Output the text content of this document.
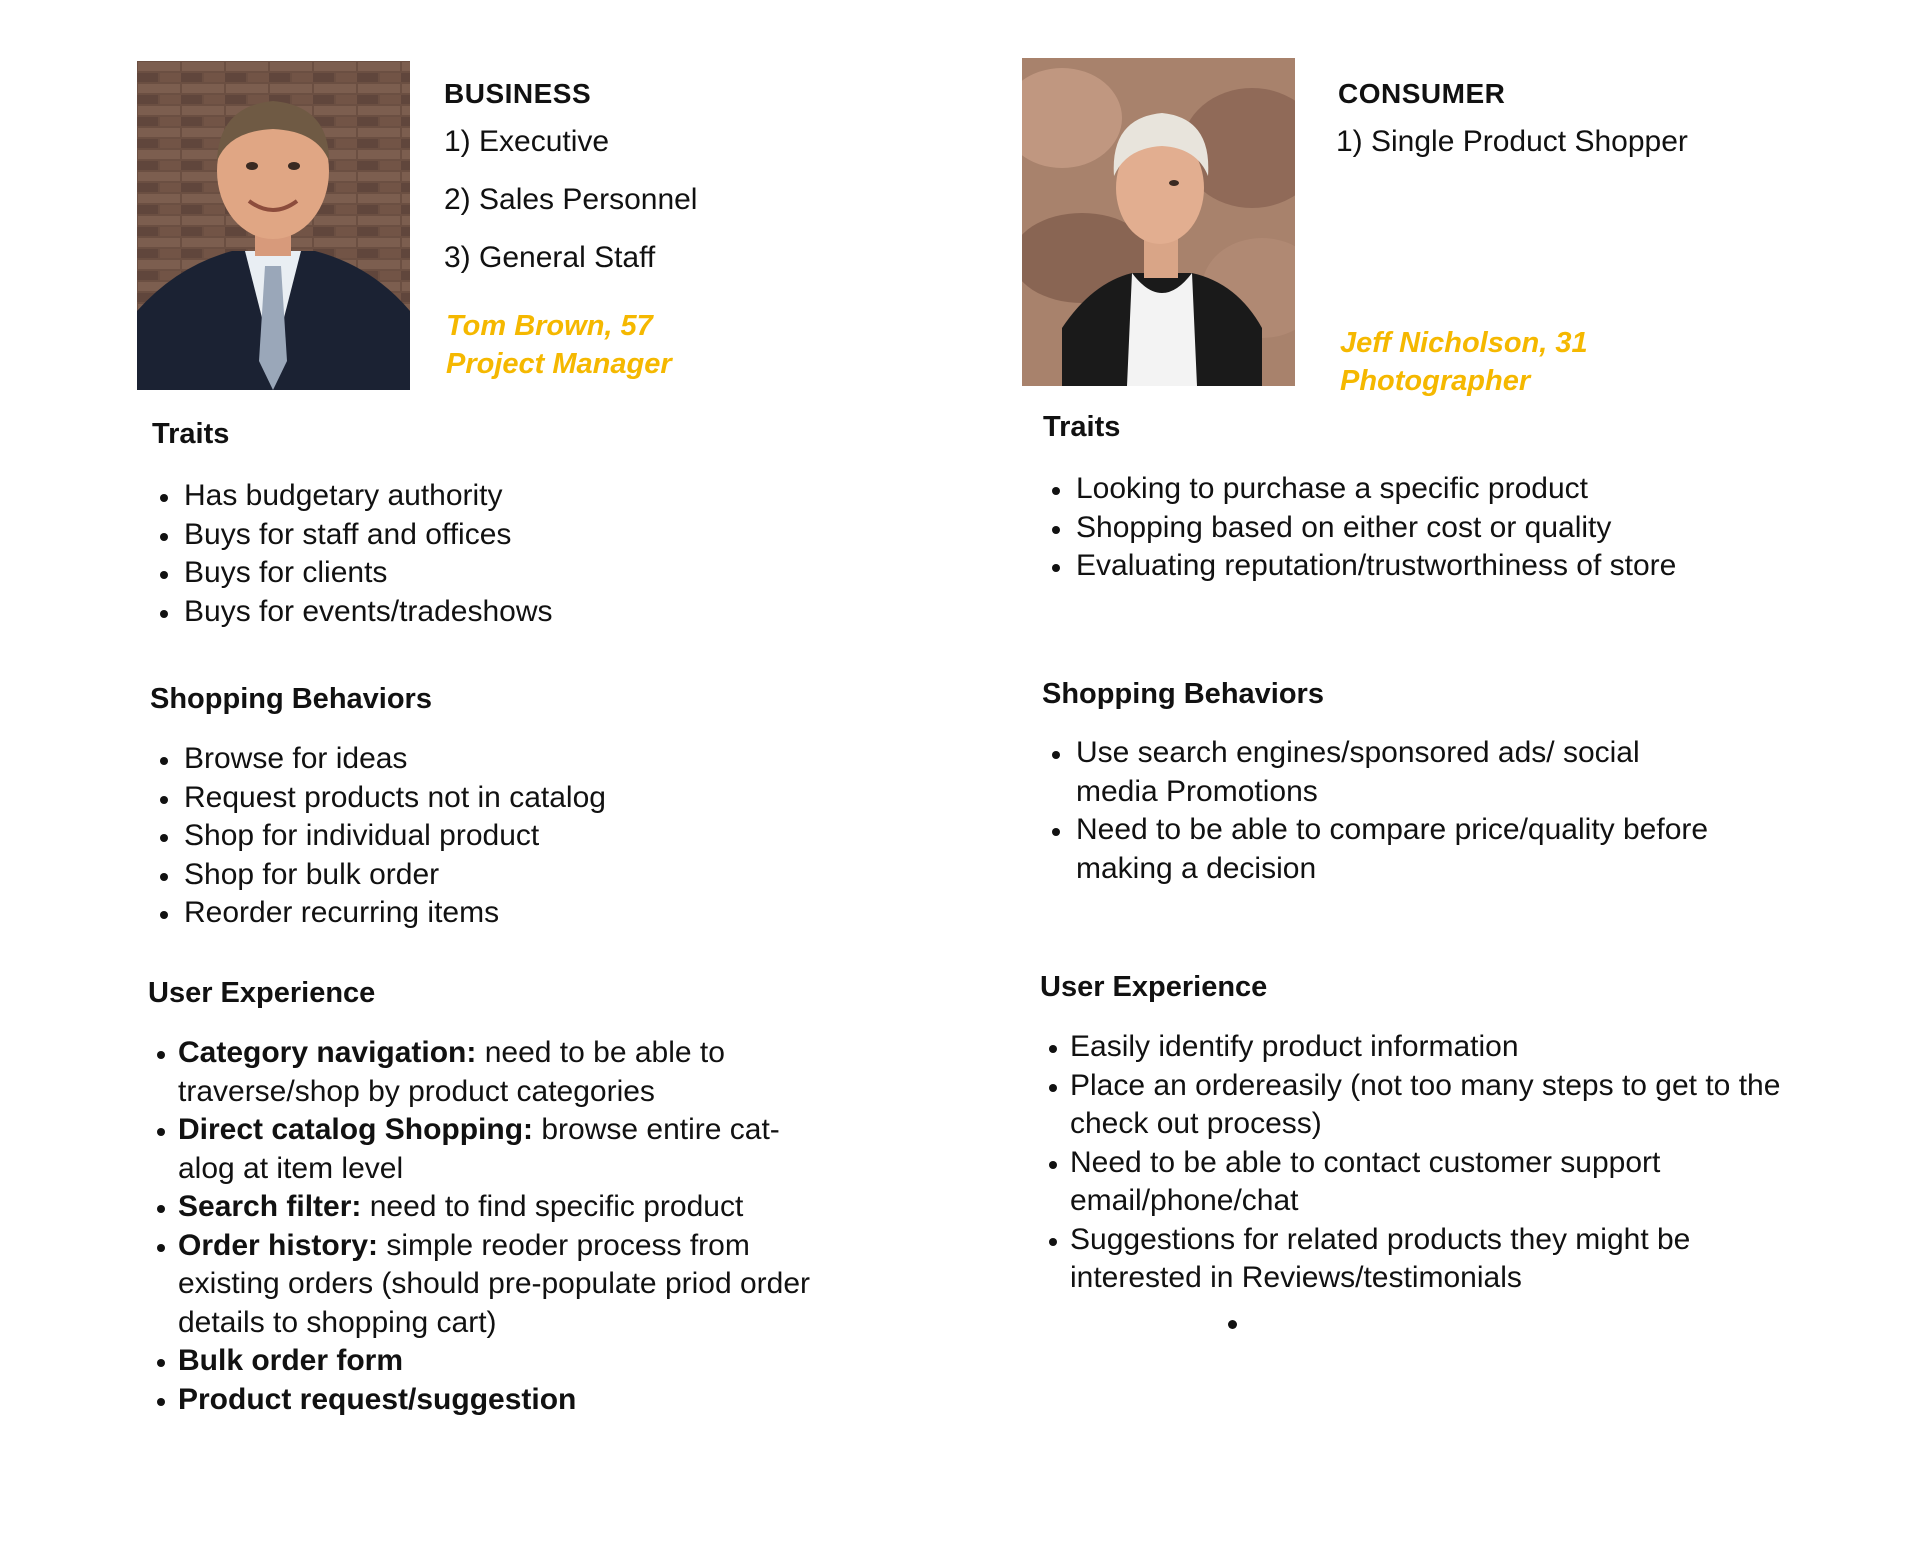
BUSINESS
1) Executive
2) Sales Personnel
3) General Staff
Tom Brown, 57
Project Manager
Traits
Has budgetary authority
Buys for staff and offices
Buys for clients
Buys for events/tradeshows
Shopping Behaviors
Browse for ideas
Request products not in catalog
Shop for individual product
Shop for bulk order
Reorder recurring items
User Experience
Category navigation: need to be able to traverse/shop by product categories
Direct catalog Shopping: browse entire cat-alog at item level
Search filter: need to find specific product
Order history: simple reoder process from existing orders (should pre-populate priod order details to shopping cart)
Bulk order form
Product request/suggestion
CONSUMER
1) Single Product Shopper
Jeff Nicholson, 31
Photographer
Traits
Looking to purchase a specific product
Shopping based on either cost or quality
Evaluating reputation/trustworthiness of store
Shopping Behaviors
Use search engines/sponsored ads/ social media Promotions
Need to be able to compare price/quality before making a decision
User Experience
Easily identify product information
Place an ordereasily (not too many steps to get to the check out process)
Need to be able to contact customer support email/phone/chat
Suggestions for related products they might be interested in Reviews/testimonials
